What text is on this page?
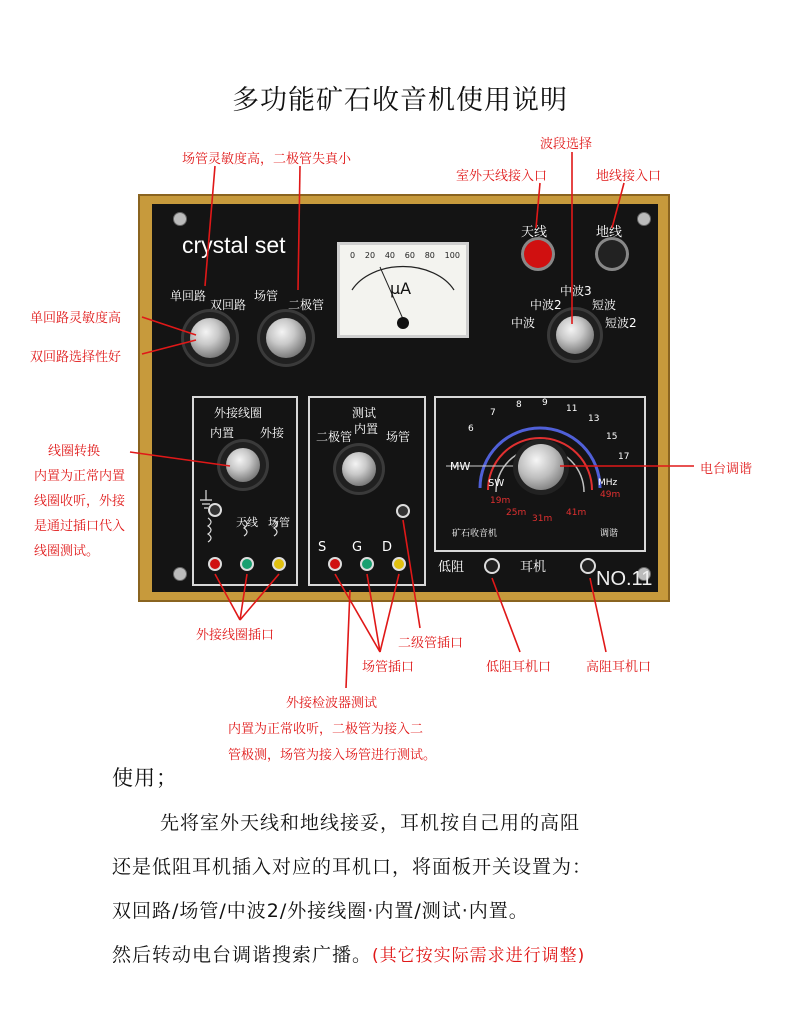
多功能矿石收音机使用说明
场管灵敏度高，二极管失真小
波段选择
室外天线接入口	地线接入口
单回路灵敏度高
双回路选择性好
线圈转换
内置为正常内置
线圈收听，外接
是通过插口代入
线圈测试。
电台调谐
外接线圈插口
二级管插口
场管插口	低阻耳机口	高阻耳机口
外接检波器测试
内置为正常收听，二极管为接入二
管极测，场管为接入场管进行测试。
crystal set
单回路
双回路
场管
二极管
0 20 40 60 80 100
μA
天线	地线
中波3
中波2	短波
中波	短波2
外接线圈
内置 外接
天线 场管
测试
二极管
内置
场管
S G D
MW
SW	MHz
6
7
8 9
11
13
15
17
19m
25m
31m
49m
41m
矿石收音机	调谐
低阻	耳机
NO.11
使用；
先将室外天线和地线接妥，耳机按自己用的高阻
还是低阻耳机插入对应的耳机口，将面板开关设置为：
双回路/场管/中波2/外接线圈·内置/测试·内置。
然后转动电台调谐搜索广播。(其它按实际需求进行调整)
